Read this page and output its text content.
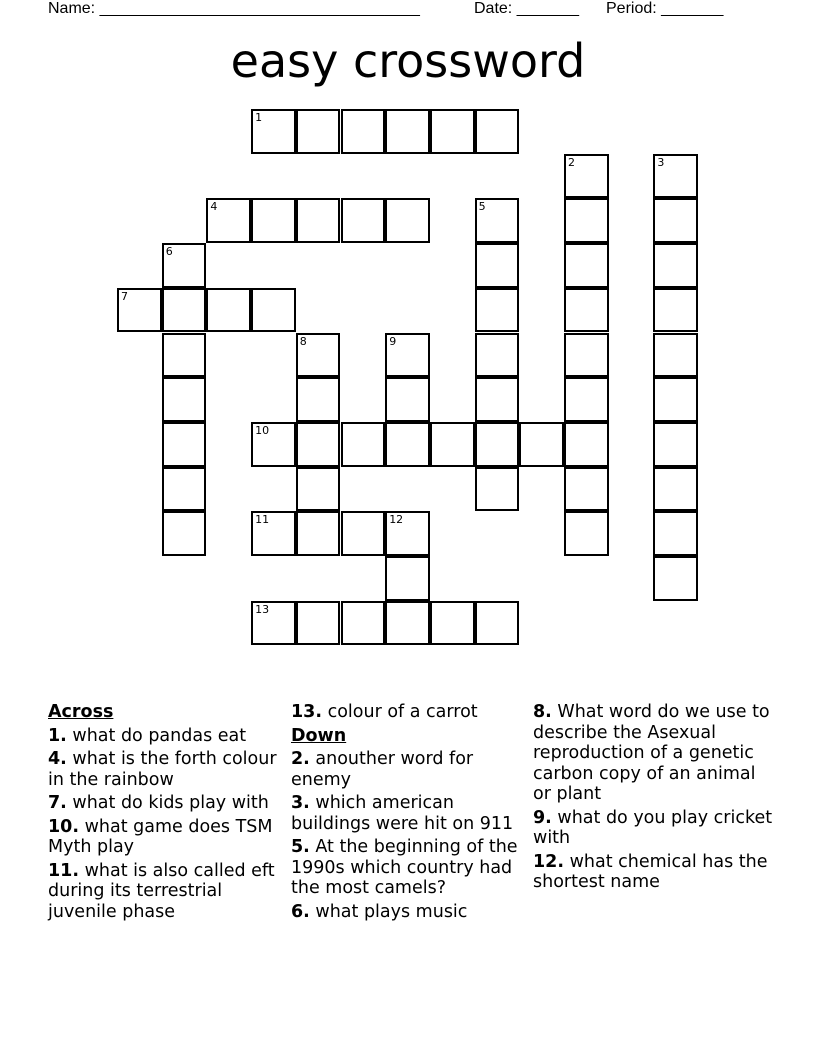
Name: ____________________________________	Date: _______ Period: _______
easy crossword
1
2	3
4	5
6
7
8	9
10
11	12
13
Across
1. what do pandas eat
4. what is the forth colour in the rainbow
7. what do kids play with
10. what game does TSM Myth play
11. what is also called eft during its terrestrial juvenile phase
13. colour of a carrot
Down
2. anouther word for enemy
3. which american buildings were hit on 911
5. At the beginning of the 1990s which country had the most camels?
6. what plays music
8. What word do we use to describe the Asexual reproduction of a genetic carbon copy of an animal or plant
9. what do you play cricket with
12. what chemical has the shortest name
